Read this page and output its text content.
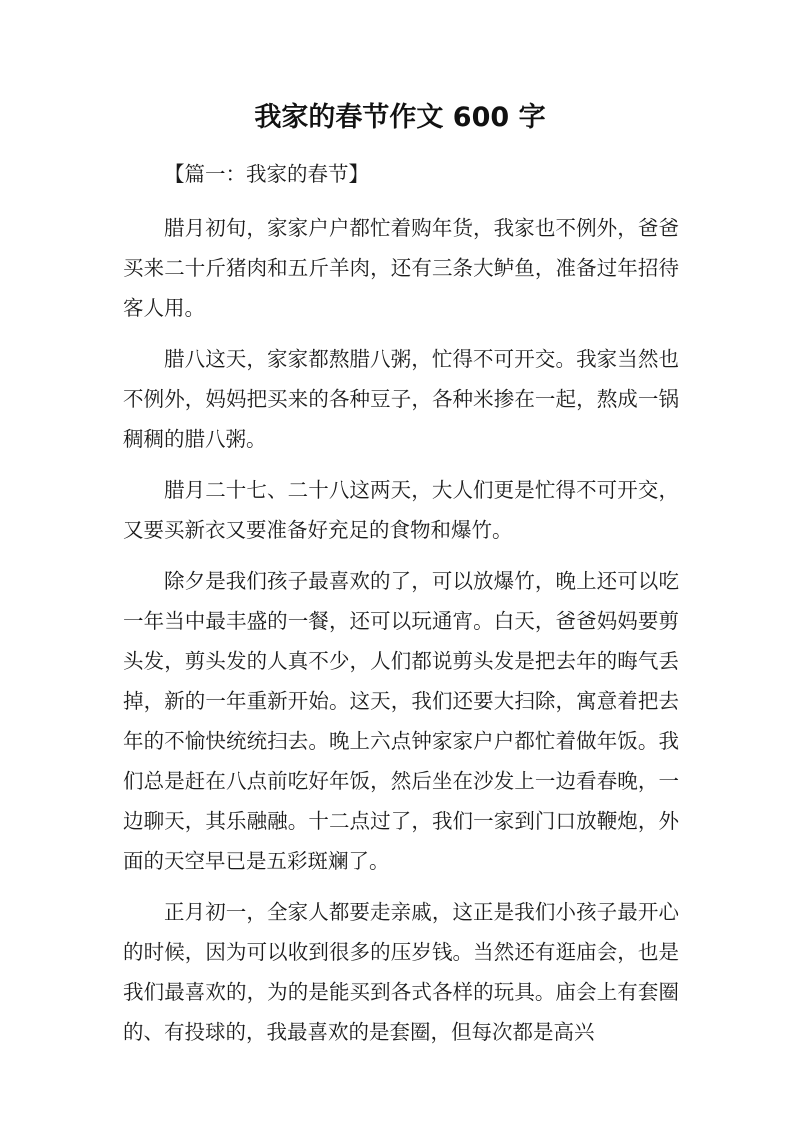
我家的春节作文 600 字

【篇一：我家的春节】

腊月初旬，家家户户都忙着购年货，我家也不例外，爸爸买来二十斤猪肉和五斤羊肉，还有三条大鲈鱼，准备过年招待客人用。

腊八这天，家家都熬腊八粥，忙得不可开交。我家当然也不例外，妈妈把买来的各种豆子，各种米掺在一起，熬成一锅稠稠的腊八粥。

腊月二十七、二十八这两天，大人们更是忙得不可开交，又要买新衣又要准备好充足的食物和爆竹。

除夕是我们孩子最喜欢的了，可以放爆竹，晚上还可以吃一年当中最丰盛的一餐，还可以玩通宵。白天，爸爸妈妈要剪头发，剪头发的人真不少，人们都说剪头发是把去年的晦气丢掉，新的一年重新开始。这天，我们还要大扫除，寓意着把去年的不愉快统统扫去。晚上六点钟家家户户都忙着做年饭。我们总是赶在八点前吃好年饭，然后坐在沙发上一边看春晚，一边聊天，其乐融融。十二点过了，我们一家到门口放鞭炮，外面的天空早已是五彩斑斓了。

正月初一，全家人都要走亲戚，这正是我们小孩子最开心的时候，因为可以收到很多的压岁钱。当然还有逛庙会，也是我们最喜欢的，为的是能买到各式各样的玩具。庙会上有套圈的、有投球的，我最喜欢的是套圈，但每次都是高兴
